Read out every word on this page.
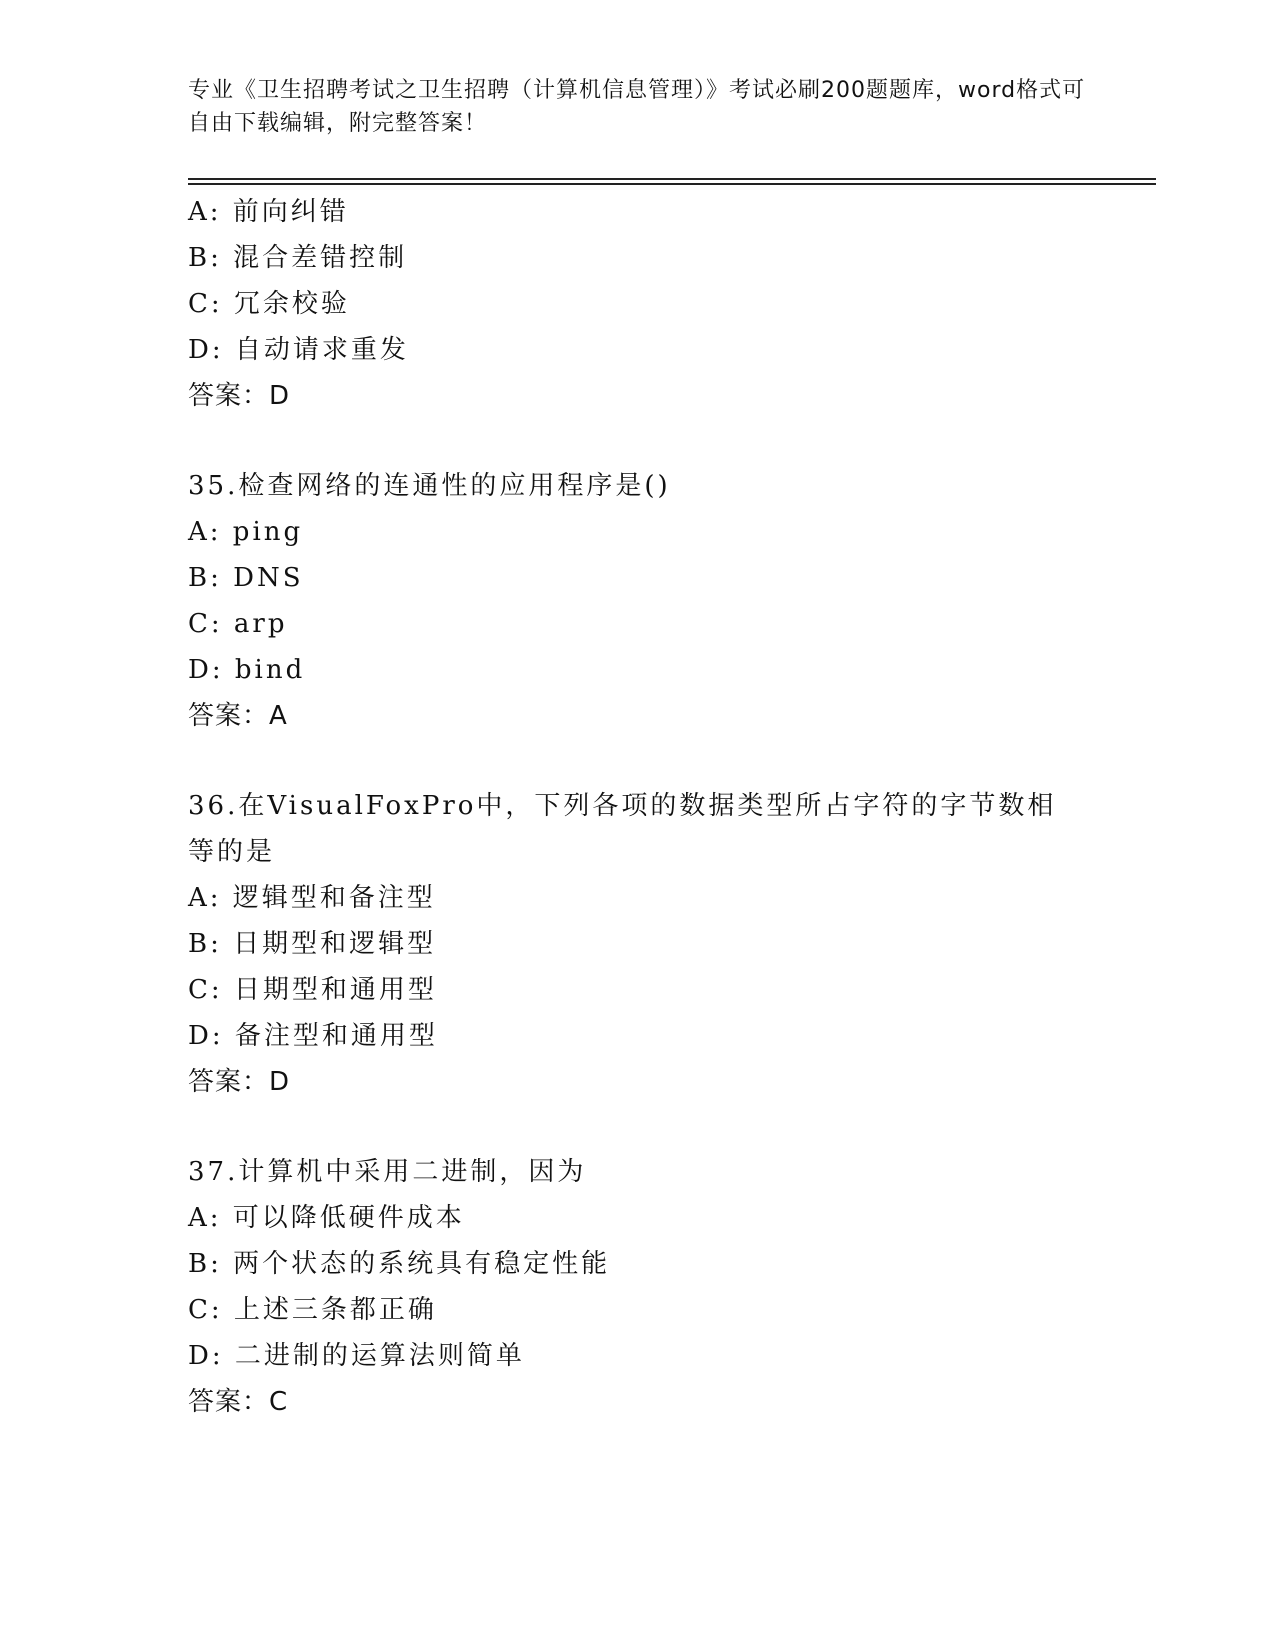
专业《卫生招聘考试之卫生招聘（计算机信息管理）》考试必刷200题题库，word格式可自由下载编辑，附完整答案！
A: 前向纠错
B: 混合差错控制
C: 冗余校验
D: 自动请求重发
答案：D
35.检查网络的连通性的应用程序是()
A: ping
B: DNS
C: arp
D: bind
答案：A
36.在VisualFoxPro中，下列各项的数据类型所占字符的字节数相等的是
A: 逻辑型和备注型
B: 日期型和逻辑型
C: 日期型和通用型
D: 备注型和通用型
答案：D
37.计算机中采用二进制，因为
A: 可以降低硬件成本
B: 两个状态的系统具有稳定性能
C: 上述三条都正确
D: 二进制的运算法则简单
答案：C
